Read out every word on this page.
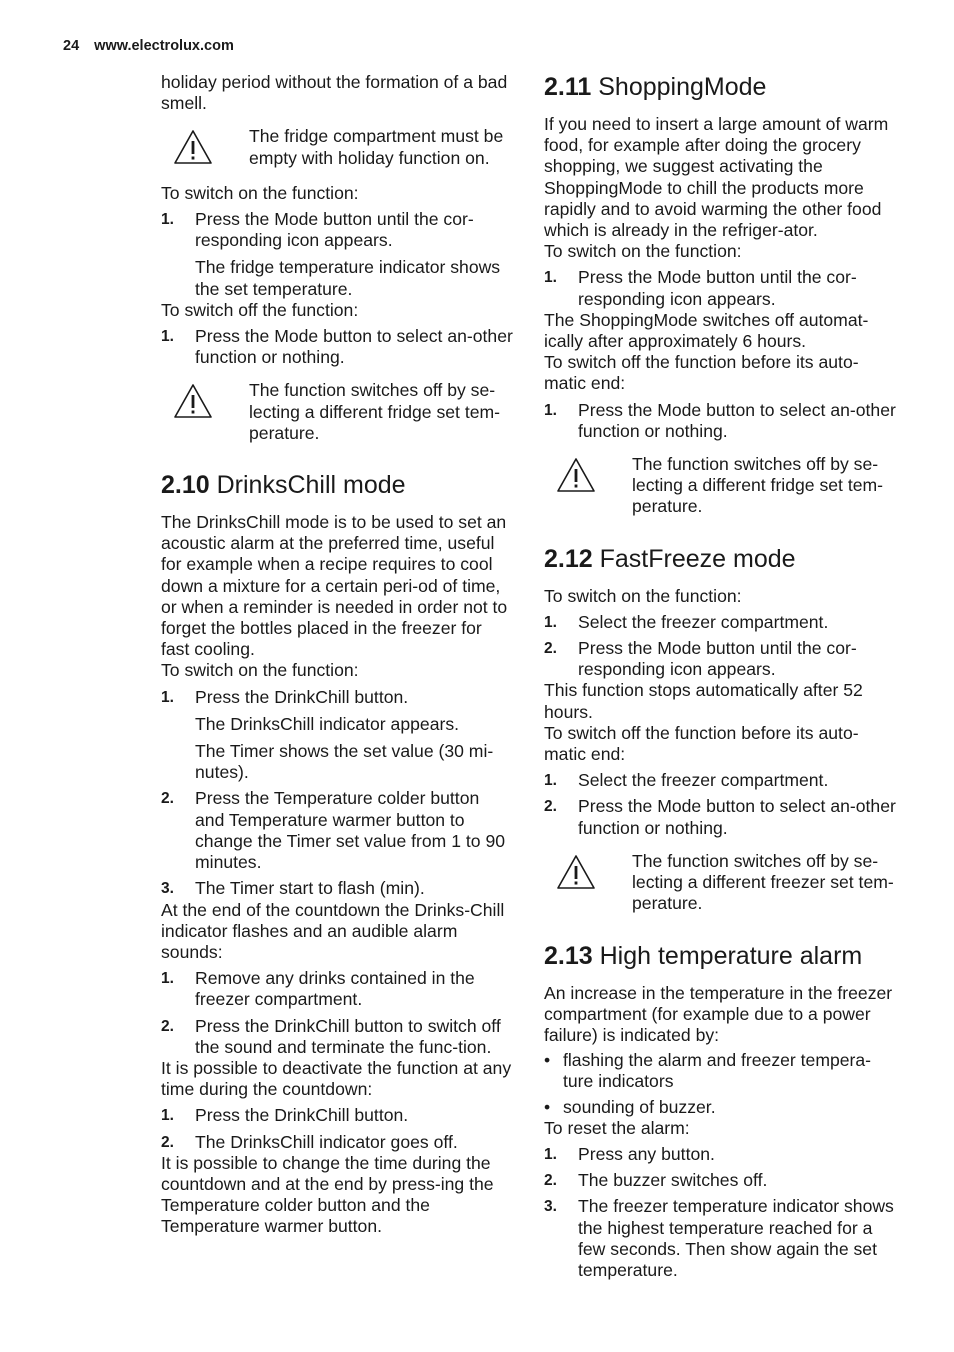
24 www.electrolux.com

holiday period without the formation of a bad smell.

The fridge compartment must be empty with holiday function on.

To switch on the function:

1.	Press the Mode button until the cor-responding icon appears.

The fridge temperature indicator shows the set temperature.

To switch off the function:

1.	Press the Mode button to select an-other function or nothing.

The function switches off by se-lecting a different fridge set tem-perature.

2.10 DrinksChill mode

The DrinksChill mode is to be used to set an acoustic alarm at the preferred time, useful for example when a recipe requires to cool down a mixture for a certain peri-od of time, or when a reminder is needed in order not to forget the bottles placed in the freezer for fast cooling.

To switch on the function:

1.	Press the DrinkChill button.

The DrinksChill indicator appears.

The Timer shows the set value (30 mi-nutes).

2.	Press the Temperature colder button and Temperature warmer button to change the Timer set value from 1 to 90 minutes.
3.	The Timer start to flash (min).

At the end of the countdown the Drinks-Chill indicator flashes and an audible alarm sounds:

1.	Remove any drinks contained in the freezer compartment.
2.	Press the DrinkChill button to switch off the sound and terminate the func-tion.

It is possible to deactivate the function at any time during the countdown:

1.	Press the DrinkChill button.
2.	The DrinksChill indicator goes off.

It is possible to change the time during the countdown and at the end by press-ing the Temperature colder button and the Temperature warmer button.

2.11 ShoppingMode

If you need to insert a large amount of warm food, for example after doing the grocery shopping, we suggest activating the ShoppingMode to chill the products more rapidly and to avoid warming the other food which is already in the refriger-ator.

To switch on the function:

1.	Press the Mode button until the cor-responding icon appears.

The ShoppingMode switches off automat-ically after approximately 6 hours.

To switch off the function before its auto-matic end:

1.	Press the Mode button to select an-other function or nothing.

The function switches off by se-lecting a different fridge set tem-perature.

2.12 FastFreeze mode

To switch on the function:

1.	Select the freezer compartment.
2.	Press the Mode button until the cor-responding icon appears.

This function stops automatically after 52 hours.

To switch off the function before its auto-matic end:

1.	Select the freezer compartment.
2.	Press the Mode button to select an-other function or nothing.

The function switches off by se-lecting a different freezer set tem-perature.

2.13 High temperature alarm

An increase in the temperature in the freezer compartment (for example due to a power failure) is indicated by:

• flashing the alarm and freezer tempera-ture indicators
• sounding of buzzer.

To reset the alarm:

1.	Press any button.
2.	The buzzer switches off.
3.	The freezer temperature indicator shows the highest temperature reached for a few seconds. Then show again the set temperature.
